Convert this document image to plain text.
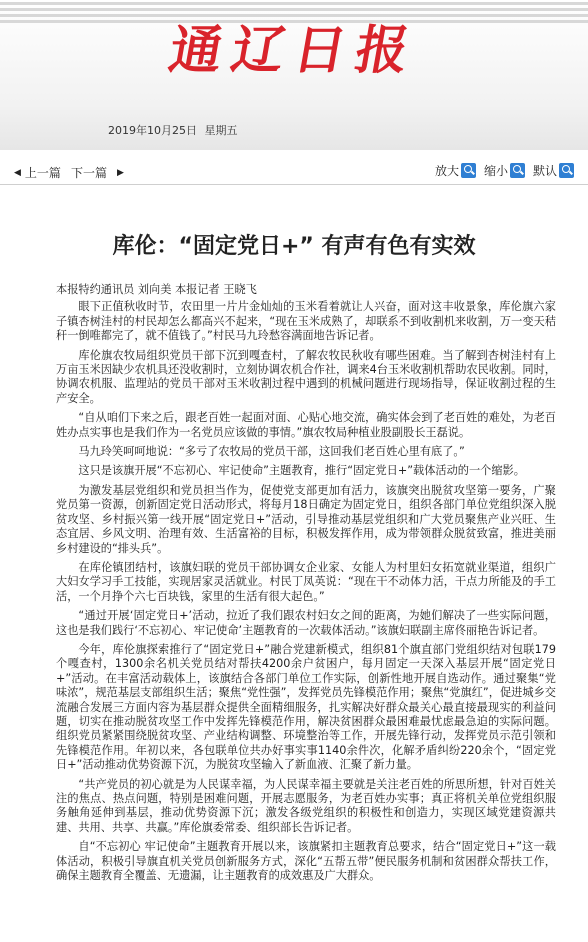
通辽日报
2019年10月25日 星期五
◀ 上一篇 下一篇 ▶	放大 缩小 默认
库伦：“固定党日+” 有声有色有实效

本报特约通讯员 刘向美 本报记者 王晓飞

眼下正值秋收时节，农田里一片片金灿灿的玉米看着就让人兴奋，面对这丰收景象，库伦旗六家子镇杏树洼村的村民却怎么都高兴不起来，“现在玉米成熟了，却联系不到收割机来收割，万一变天秸秆一倒唯都完了，就不值钱了。”村民马九玲愁容满面地告诉记者。

库伦旗农牧局组织党员干部下沉到嘎查村，了解农牧民秋收有哪些困难。当了解到杏树洼村有上万亩玉米因缺少农机具还没收割时，立刻协调农机合作社，调来4台玉米收割机帮助农民收割。同时，协调农机服、监理站的党员干部对玉米收割过程中遇到的机械问题进行现场指导，保证收割过程的生产安全。

“自从咱们下来之后，跟老百姓一起面对面、心贴心地交流，确实体会到了老百姓的难处，为老百姓办点实事也是我们作为一名党员应该做的事情。”旗农牧局种植业股副股长王磊说。

马九玲笑呵呵地说：“多亏了农牧局的党员干部，这回我们老百姓心里有底了。”

这只是该旗开展“不忘初心、牢记使命”主题教育，推行“固定党日+”载体活动的一个缩影。

为激发基层党组织和党员担当作为，促使党支部更加有活力，该旗突出脱贫攻坚第一要务，广聚党员第一资源，创新固定党日活动形式，将每月18日确定为固定党日，组织各部门单位党组织深入脱贫攻坚、乡村振兴第一线开展“固定党日+”活动，引导推动基层党组织和广大党员聚焦产业兴旺、生态宜居、乡风文明、治理有效、生活富裕的目标，积极发挥作用，成为带领群众脱贫致富，推进美丽乡村建设的“排头兵”。

在库伦镇团结村，该旗妇联的党员干部协调女企业家、女能人为村里妇女拓宽就业渠道，组织广大妇女学习手工技能，实现居家灵活就业。村民丁凤英说：“现在干不动体力活，干点力所能及的手工活，一个月挣个六七百块钱，家里的生活有很大起色。”

“通过开展‘固定党日+’活动，拉近了我们跟农村妇女之间的距离，为她们解决了一些实际问题，这也是我们践行‘不忘初心、牢记使命’主题教育的一次载体活动。”该旗妇联副主席佟丽艳告诉记者。

今年，库伦旗探索推行了“固定党日+”融合党建新模式，组织81个旗直部门党组织结对包联179个嘎查村，1300余名机关党员结对帮扶4200余户贫困户，每月固定一天深入基层开展“固定党日+”活动。在丰富活动载体上，该旗结合各部门单位工作实际，创新性地开展自选动作。通过聚集“党味浓”，规范基层支部组织生活；聚焦“党性强”，发挥党员先锋模范作用；聚焦“党旗红”，促进城乡交流融合发展三方面内容为基层群众提供全面精细服务，扎实解决好群众最关心最直接最现实的利益问题，切实在推动脱贫攻坚工作中发挥先锋模范作用，解决贫困群众最困难最忧虑最急迫的实际问题。组织党员紧紧围绕脱贫攻坚、产业结构调整、环境整治等工作，开展先锋行动，发挥党员示范引领和先锋模范作用。年初以来，各包联单位共办好事实事1140余件次，化解矛盾纠纷220余个，“固定党日+”活动推动优势资源下沉，为脱贫攻坚输入了新血液、汇聚了新力量。

“共产党员的初心就是为人民谋幸福，为人民谋幸福主要就是关注老百姓的所思所想，针对百姓关注的焦点、热点问题，特别是困难问题，开展志愿服务，为老百姓办实事；真正将机关单位党组织服务触角延伸到基层，推动优势资源下沉；激发各级党组织的积极性和创造力，实现区域党建资源共建、共用、共享、共赢。”库伦旗委常委、组织部长告诉记者。

自“不忘初心 牢记使命”主题教育开展以来，该旗紧扣主题教育总要求，结合“固定党日+”这一载体活动，积极引导旗直机关党员创新服务方式，深化“五帮五带”便民服务机制和贫困群众帮扶工作，确保主题教育全覆盖、无遗漏，让主题教育的成效惠及广大群众。
